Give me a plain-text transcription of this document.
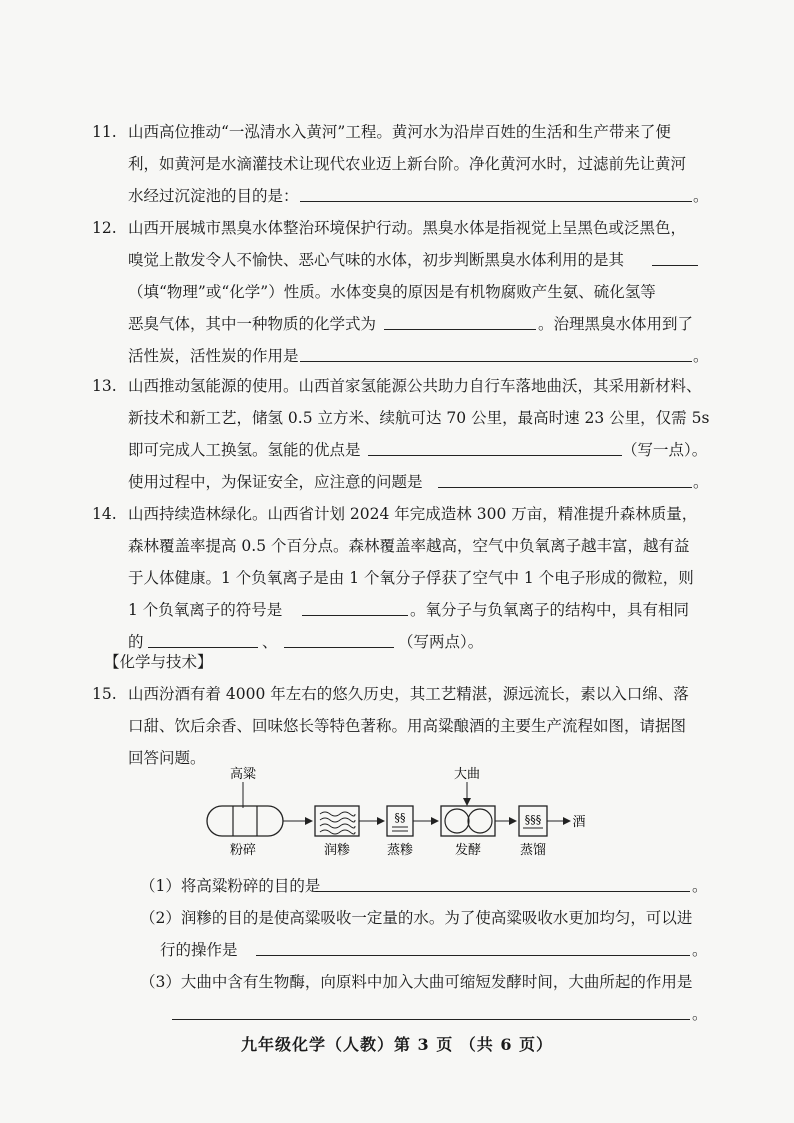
11. 山西高位推动“一泓清水入黄河”工程。黄河水为沿岸百姓的生活和生产带来了便
利，如黄河是水滴灌技术让现代农业迈上新台阶。净化黄河水时，过滤前先让黄河
水经过沉淀池的目的是：	。
12. 山西开展城市黑臭水体整治环境保护行动。黑臭水体是指视觉上呈黑色或泛黑色，
嗅觉上散发令人不愉快、恶心气味的水体，初步判断黑臭水体利用的是其
（填“物理”或“化学”）性质。水体变臭的原因是有机物腐败产生氨、硫化氢等
恶臭气体，其中一种物质的化学式为	。治理黑臭水体用到了
活性炭，活性炭的作用是	。
13. 山西推动氢能源的使用。山西首家氢能源公共助力自行车落地曲沃，其采用新材料、
新技术和新工艺，储氢 0.5 立方米、续航可达 70 公里，最高时速 23 公里，仅需 5s
即可完成人工换氢。氢能的优点是	（写一点）。
使用过程中，为保证安全，应注意的问题是	。
14. 山西持续造林绿化。山西省计划 2024 年完成造林 300 万亩，精准提升森林质量，
森林覆盖率提高 0.5 个百分点。森林覆盖率越高，空气中负氧离子越丰富，越有益
于人体健康。1 个负氧离子是由 1 个氧分子俘获了空气中 1 个电子形成的微粒，则
1 个负氧离子的符号是	。氧分子与负氧离子的结构中，具有相同
的	、	（写两点）。
【化学与技术】
15. 山西汾酒有着 4000 年左右的悠久历史，其工艺精湛，源远流长，素以入口绵、落
口甜、饮后余香、回味悠长等特色著称。用高粱酿酒的主要生产流程如图，请据图
回答问题。
高粱	大曲
§§	§§§ 酒
粉碎	润糁	蒸糁	发酵	蒸馏
（1）将高粱粉碎的目的是	。
（2）润糁的目的是使高粱吸收一定量的水。为了使高粱吸收水更加均匀，可以进
行的操作是	。
（3）大曲中含有生物酶，向原料中加入大曲可缩短发酵时间，大曲所起的作用是
。
九年级化学（人教）第 3 页 （共 6 页）
